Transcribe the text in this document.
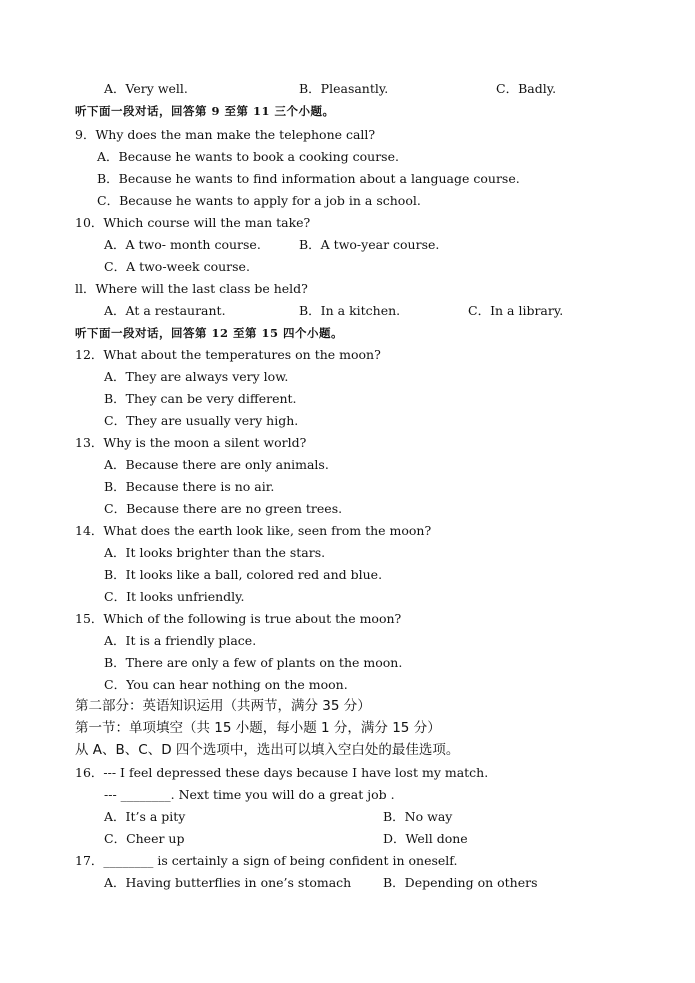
A．Very well.	B．Pleasantly.	C．Badly.
听下面一段对话，回答第 9 至第 11 三个小题。
9．Why does the man make the telephone call?
A．Because he wants to book a cooking course.
B．Because he wants to find information about a language course.
C．Because he wants to apply for a job in a school.
10．Which course will the man take?
A．A two- month course.	B．A two-year course.
C．A two-week course.
ll．Where will the last class be held?
A．At a restaurant.	B．In a kitchen.	C．In a library.
听下面一段对话，回答第 12 至第 15 四个小题。
12．What about the temperatures on the moon?
A．They are always very low.
B．They can be very different.
C．They are usually very high.
13．Why is the moon a silent world?
A．Because there are only animals.
B．Because there is no air.
C．Because there are no green trees.
14．What does the earth look like, seen from the moon?
A．It looks brighter than the stars.
B．It looks like a ball, colored red and blue.
C．It looks unfriendly.
15．Which of the following is true about the moon?
A．It is a friendly place.
B．There are only a few of plants on the moon.
C．You can hear nothing on the moon.
第二部分：英语知识运用（共两节，满分 35 分）
第一节：单项填空（共 15 小题，每小题 1 分，满分 15 分）
从 A、B、C、D 四个选项中，选出可以填入空白处的最佳选项。
16．--- I feel depressed these days because I have lost my match.
--- ________. Next time you will do a great job .
A．It’s a pity	B．No way
C．Cheer up	D．Well done
17．________ is certainly a sign of being confident in oneself.
A．Having butterflies in one’s stomach	B．Depending on others
